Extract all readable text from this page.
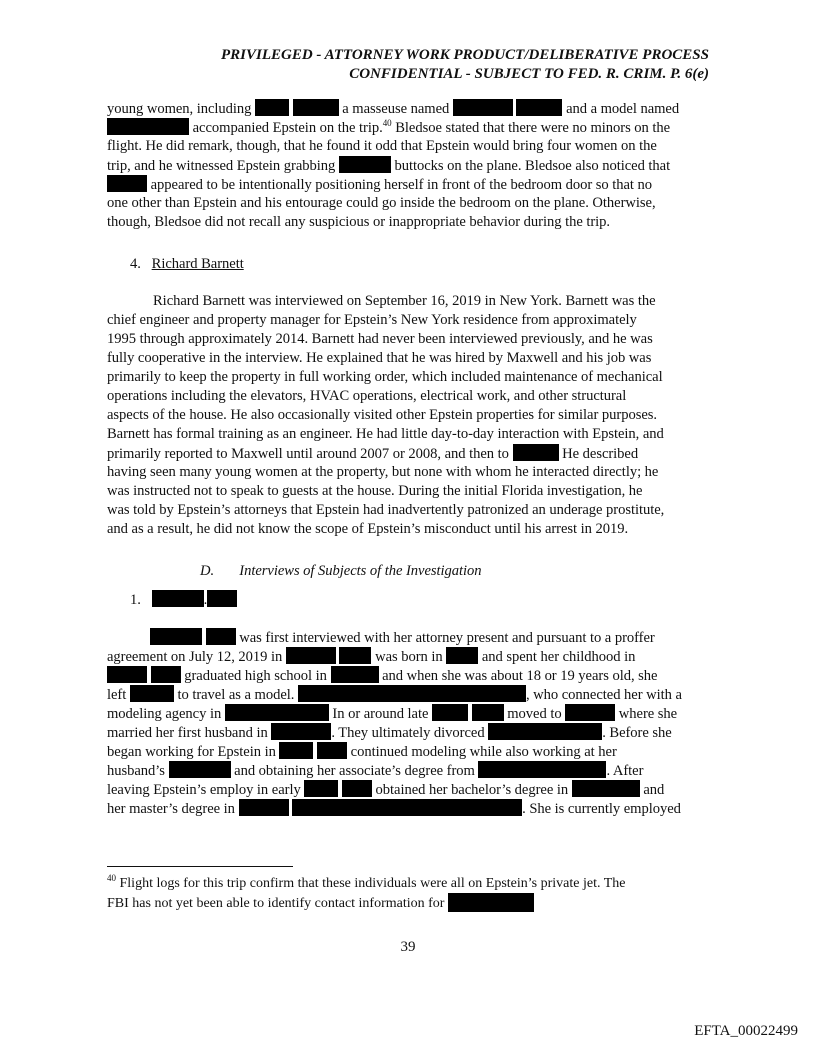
PRIVILEGED - ATTORNEY WORK PRODUCT/DELIBERATIVE PROCESS
CONFIDENTIAL - SUBJECT TO FED. R. CRIM. P. 6(e)
young women, including	a masseuse named	and a model named
accompanied Epstein on the trip.$^{40}$ Bledsoe stated that there were no minors on the
flight. He did remark, though, that he found it odd that Epstein would bring four women on the
trip, and he witnessed Epstein grabbing	buttocks on the plane. Bledsoe also noticed that
appeared to be intentionally positioning herself in front of the bedroom door so that no
one other than Epstein and his entourage could go inside the bedroom on the plane. Otherwise,
though, Bledsoe did not recall any suspicious or inappropriate behavior during the trip.
4. Richard Barnett
Richard Barnett was interviewed on September 16, 2019 in New York. Barnett was the
chief engineer and property manager for Epstein’s New York residence from approximately
1995 through approximately 2014. Barnett had never been interviewed previously, and he was
fully cooperative in the interview. He explained that he was hired by Maxwell and his job was
primarily to keep the property in full working order, which included maintenance of mechanical
operations including the elevators, HVAC operations, electrical work, and other structural
aspects of the house. He also occasionally visited other Epstein properties for similar purposes.
Barnett has formal training as an engineer. He had little day-to-day interaction with Epstein, and
primarily reported to Maxwell until around 2007 or 2008, and then to	He described
having seen many young women at the property, but none with whom he interacted directly; he
was instructed not to speak to guests at the house. During the initial Florida investigation, he
was told by Epstein’s attorneys that Epstein had inadvertently patronized an underage prostitute,
and as a result, he did not know the scope of Epstein’s misconduct until his arrest in 2019.
D. Interviews of Subjects of the Investigation
1.	.
was first interviewed with her attorney present and pursuant to a proffer
agreement on July 12, 2019 in	was born in	and spent her childhood in
graduated high school in	and when she was about 18 or 19 years old, she
left	to travel as a model.	, who connected her with a
modeling agency in	In or around late	moved to	where she
married her first husband in	. They ultimately divorced	. Before she
began working for Epstein in	continued modeling while also working at her
husband’s	and obtaining her associate’s degree from	. After
leaving Epstein’s employ in early	obtained her bachelor’s degree in	and
her master’s degree in	. She is currently employed
$^{40}$ Flight logs for this trip confirm that these individuals were all on Epstein’s private jet. The
FBI has not yet been able to identify contact information for
39
EFTA_00022499
